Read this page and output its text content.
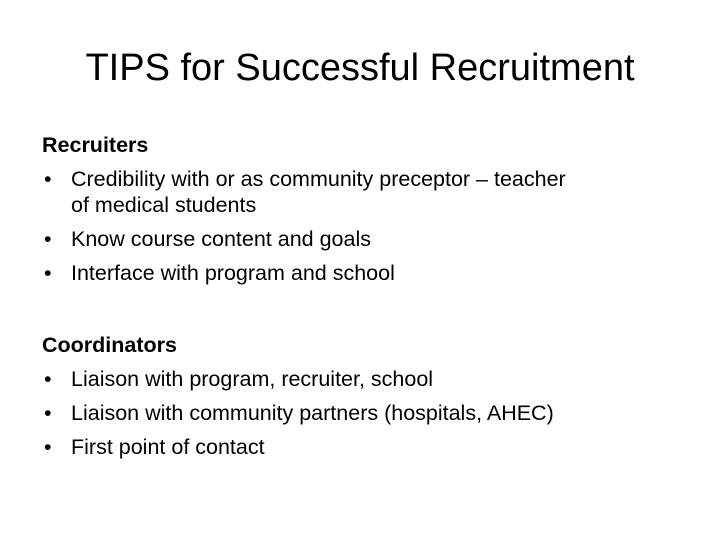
TIPS for Successful Recruitment

Recruiters

• Credibility with or as community preceptor – teacher
of medical students
• Know course content and goals
• Interface with program and school

Coordinators

• Liaison with program, recruiter, school
• Liaison with community partners (hospitals, AHEC)
• First point of contact
